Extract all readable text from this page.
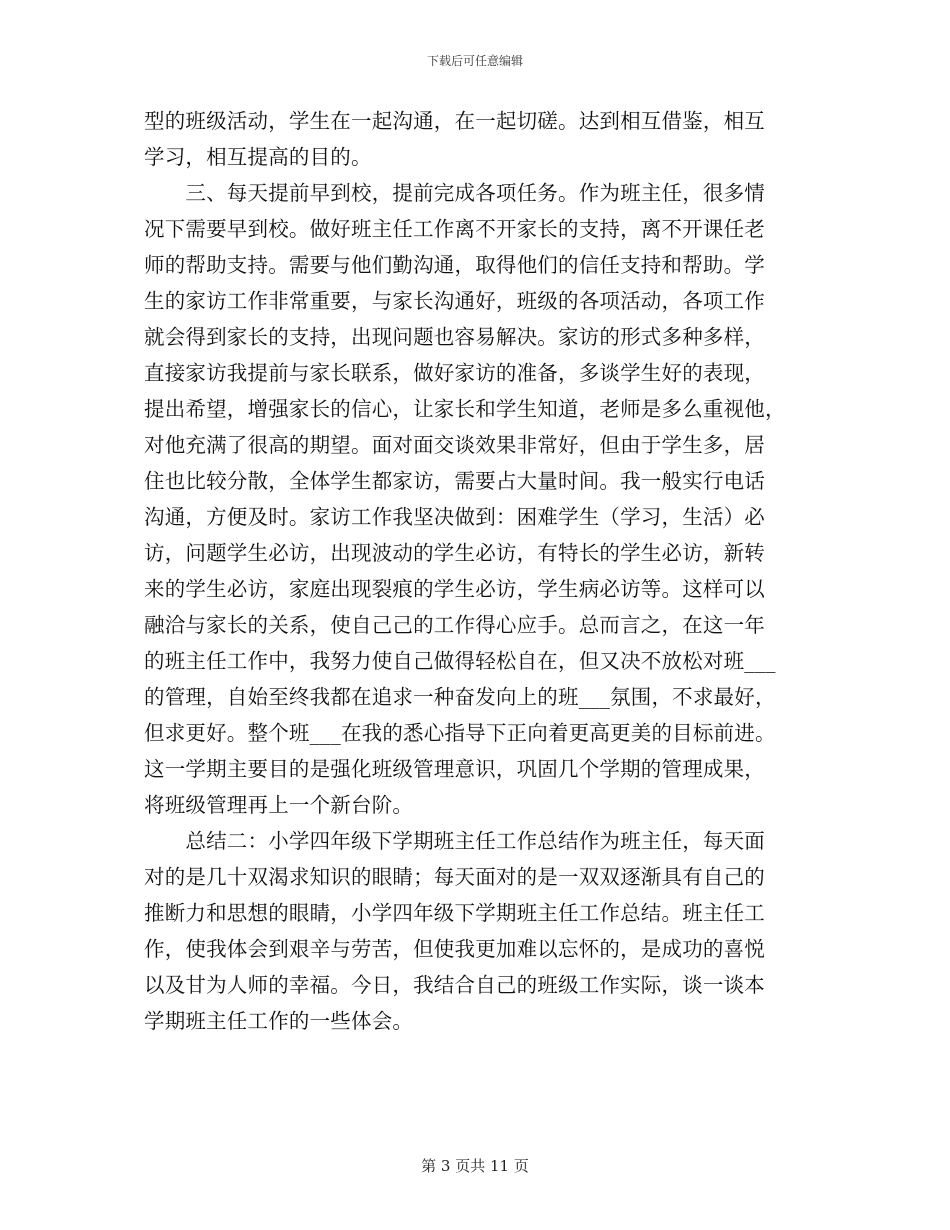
下载后可任意编辑
型的班级活动，学生在一起沟通，在一起切磋。达到相互借鉴，相互
学习，相互提高的目的。
　　三、每天提前早到校，提前完成各项任务。作为班主任，很多情
况下需要早到校。做好班主任工作离不开家长的支持，离不开课任老
师的帮助支持。需要与他们勤沟通，取得他们的信任支持和帮助。学
生的家访工作非常重要，与家长沟通好，班级的各项活动，各项工作
就会得到家长的支持，出现问题也容易解决。家访的形式多种多样，
直接家访我提前与家长联系，做好家访的准备，多谈学生好的表现，
提出希望，增强家长的信心，让家长和学生知道，老师是多么重视他，
对他充满了很高的期望。面对面交谈效果非常好，但由于学生多，居
住也比较分散，全体学生都家访，需要占大量时间。我一般实行电话
沟通，方便及时。家访工作我坚决做到：困难学生（学习，生活）必
访，问题学生必访，出现波动的学生必访，有特长的学生必访，新转
来的学生必访，家庭出现裂痕的学生必访，学生病必访等。这样可以
融洽与家长的关系，使自己己的工作得心应手。总而言之，在这一年
的班主任工作中，我努力使自己做得轻松自在，但又决不放松对班___
的管理，自始至终我都在追求一种奋发向上的班___氛围，不求最好，
但求更好。整个班___在我的悉心指导下正向着更高更美的目标前进。
这一学期主要目的是强化班级管理意识，巩固几个学期的管理成果，
将班级管理再上一个新台阶。
　　总结二：小学四年级下学期班主任工作总结作为班主任，每天面
对的是几十双渴求知识的眼睛；每天面对的是一双双逐渐具有自己的
推断力和思想的眼睛，小学四年级下学期班主任工作总结。班主任工
作，使我体会到艰辛与劳苦，但使我更加难以忘怀的，是成功的喜悦
以及甘为人师的幸福。今日，我结合自己的班级工作实际，谈一谈本
学期班主任工作的一些体会。
第 3 页共 11 页
